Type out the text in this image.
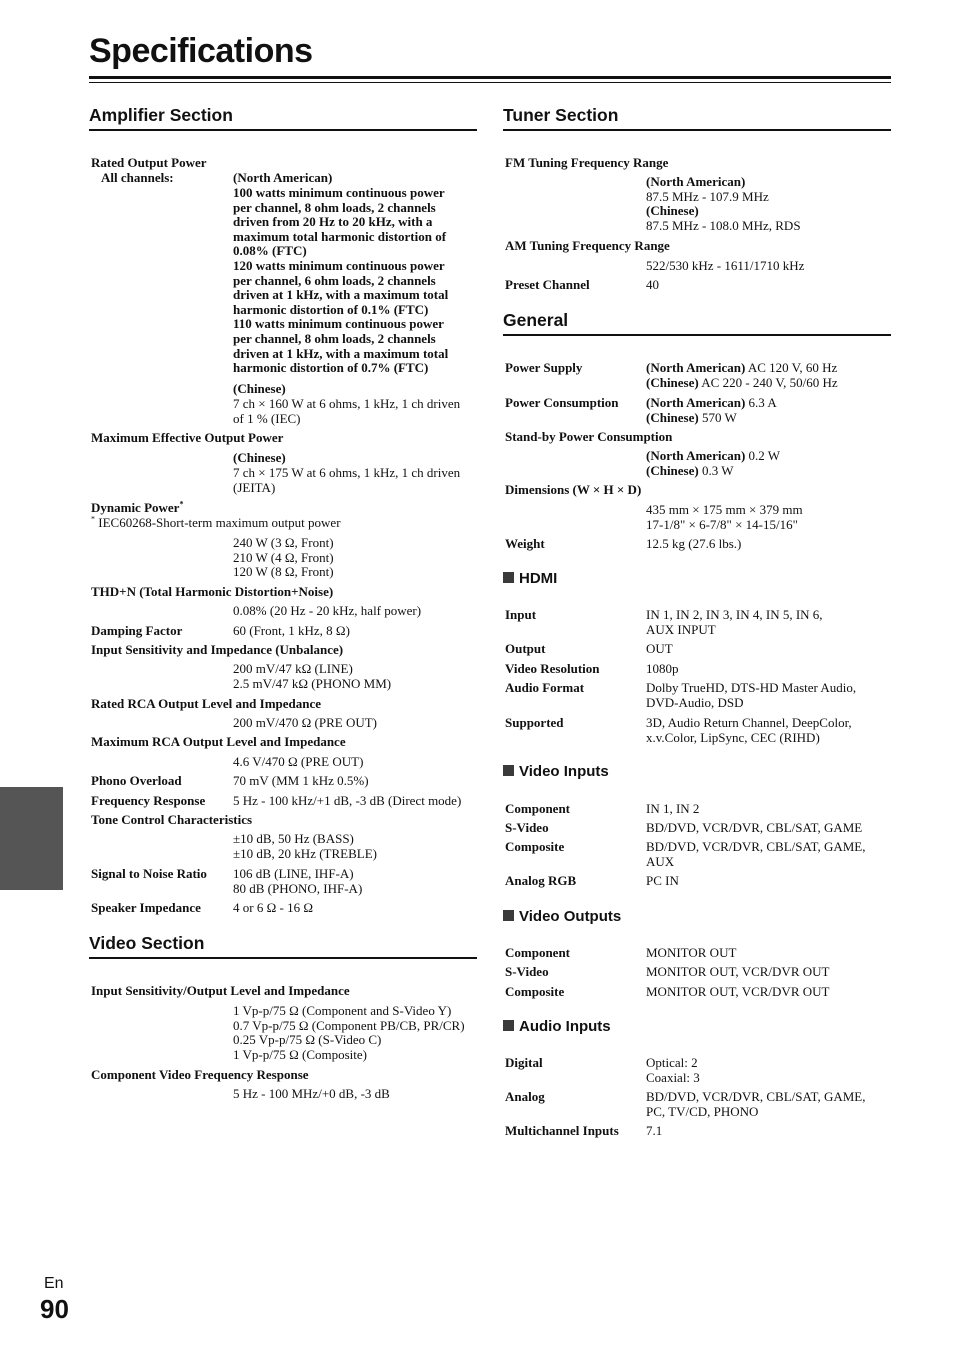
Specifications
Amplifier Section
Rated Output Power
All channels:	(North American)
100 watts minimum continuous power
per channel, 8 ohm loads, 2 channels
driven from 20 Hz to 20 kHz, with a
maximum total harmonic distortion of
0.08% (FTC)
120 watts minimum continuous power
per channel, 6 ohm loads, 2 channels
driven at 1 kHz, with a maximum total
harmonic distortion of 0.1% (FTC)
110 watts minimum continuous power
per channel, 8 ohm loads, 2 channels
driven at 1 kHz, with a maximum total
harmonic distortion of 0.7% (FTC)
(Chinese)
7 ch × 160 W at 6 ohms, 1 kHz, 1 ch driven
of 1 % (IEC)
Maximum Effective Output Power
(Chinese)
7 ch × 175 W at 6 ohms, 1 kHz, 1 ch driven
(JEITA)
Dynamic Power*
* IEC60268-Short-term maximum output power
240 W (3 Ω, Front)
210 W (4 Ω, Front)
120 W (8 Ω, Front)
THD+N (Total Harmonic Distortion+Noise)
0.08% (20 Hz - 20 kHz, half power)
Damping Factor	60 (Front, 1 kHz, 8 Ω)
Input Sensitivity and Impedance (Unbalance)
200 mV/47 kΩ (LINE)
2.5 mV/47 kΩ (PHONO MM)
Rated RCA Output Level and Impedance
200 mV/470 Ω (PRE OUT)
Maximum RCA Output Level and Impedance
4.6 V/470 Ω (PRE OUT)
Phono Overload	70 mV (MM 1 kHz 0.5%)
Frequency Response 5 Hz - 100 kHz/+1 dB, -3 dB (Direct mode)
Tone Control Characteristics
±10 dB, 50 Hz (BASS)
±10 dB, 20 kHz (TREBLE)
Signal to Noise Ratio 106 dB (LINE, IHF-A)
80 dB (PHONO, IHF-A)
Speaker Impedance 4 or 6 Ω - 16 Ω
Video Section
Input Sensitivity/Output Level and Impedance
1 Vp-p/75 Ω (Component and S-Video Y)
0.7 Vp-p/75 Ω (Component PB/CB, PR/CR)
0.25 Vp-p/75 Ω (S-Video C)
1 Vp-p/75 Ω (Composite)
Component Video Frequency Response
5 Hz - 100 MHz/+0 dB, -3 dB
Tuner Section
FM Tuning Frequency Range
(North American)
87.5 MHz - 107.9 MHz
(Chinese)
87.5 MHz - 108.0 MHz, RDS
AM Tuning Frequency Range
522/530 kHz - 1611/1710 kHz
Preset Channel	40
General
Power Supply	(North American) AC 120 V, 60 Hz
(Chinese) AC 220 - 240 V, 50/60 Hz
Power Consumption (North American) 6.3 A
(Chinese) 570 W
Stand-by Power Consumption
(North American) 0.2 W
(Chinese) 0.3 W
Dimensions (W × H × D)
435 mm × 175 mm × 379 mm
17-1/8" × 6-7/8" × 14-15/16"
Weight	12.5 kg (27.6 lbs.)
HDMI
Input	IN 1, IN 2, IN 3, IN 4, IN 5, IN 6,
AUX INPUT
Output	OUT
Video Resolution	1080p
Audio Format	Dolby TrueHD, DTS-HD Master Audio,
DVD-Audio, DSD
Supported	3D, Audio Return Channel, DeepColor,
x.v.Color, LipSync, CEC (RIHD)
Video Inputs
Component	IN 1, IN 2
S-Video	BD/DVD, VCR/DVR, CBL/SAT, GAME
Composite	BD/DVD, VCR/DVR, CBL/SAT, GAME,
AUX
Analog RGB	PC IN
Video Outputs
Component	MONITOR OUT
S-Video	MONITOR OUT, VCR/DVR OUT
Composite	MONITOR OUT, VCR/DVR OUT
Audio Inputs
Digital	Optical: 2
Coaxial: 3
Analog	BD/DVD, VCR/DVR, CBL/SAT, GAME,
PC, TV/CD, PHONO
Multichannel Inputs 7.1
En
90
